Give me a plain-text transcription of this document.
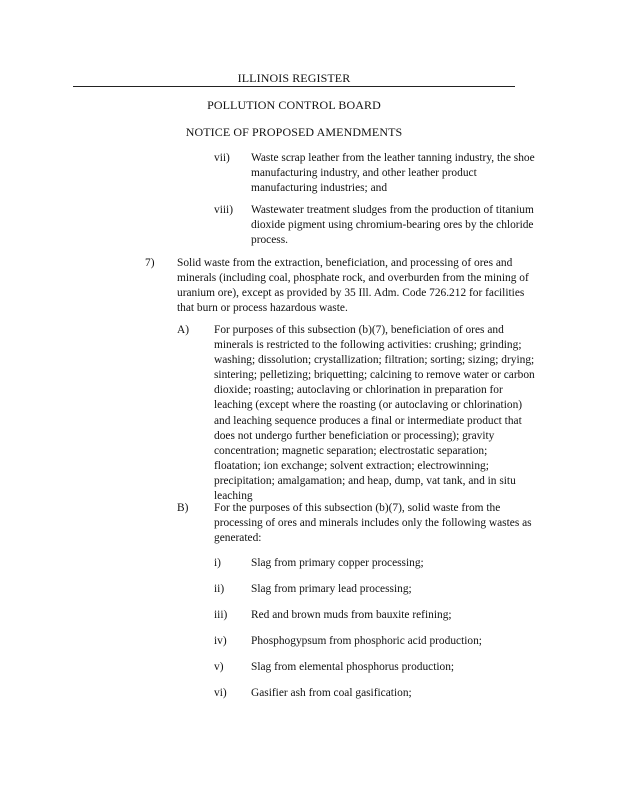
ILLINOIS REGISTER
POLLUTION CONTROL BOARD
NOTICE OF PROPOSED AMENDMENTS
vii) Waste scrap leather from the leather tanning industry, the shoe manufacturing industry, and other leather product manufacturing industries; and
viii) Wastewater treatment sludges from the production of titanium dioxide pigment using chromium-bearing ores by the chloride process.
7) Solid waste from the extraction, beneficiation, and processing of ores and minerals (including coal, phosphate rock, and overburden from the mining of uranium ore), except as provided by 35 Ill. Adm. Code 726.212 for facilities that burn or process hazardous waste.
A) For purposes of this subsection (b)(7), beneficiation of ores and minerals is restricted to the following activities: crushing; grinding; washing; dissolution; crystallization; filtration; sorting; sizing; drying; sintering; pelletizing; briquetting; calcining to remove water or carbon dioxide; roasting; autoclaving or chlorination in preparation for leaching (except where the roasting (or autoclaving or chlorination) and leaching sequence produces a final or intermediate product that does not undergo further beneficiation or processing); gravity concentration; magnetic separation; electrostatic separation; floatation; ion exchange; solvent extraction; electrowinning; precipitation; amalgamation; and heap, dump, vat tank, and in situ leaching
B) For the purposes of this subsection (b)(7), solid waste from the processing of ores and minerals includes only the following wastes as generated:
i)	Slag from primary copper processing;
ii) Slag from primary lead processing;
iii) Red and brown muds from bauxite refining;
iv) Phosphogypsum from phosphoric acid production;
v) Slag from elemental phosphorus production;
vi) Gasifier ash from coal gasification;
